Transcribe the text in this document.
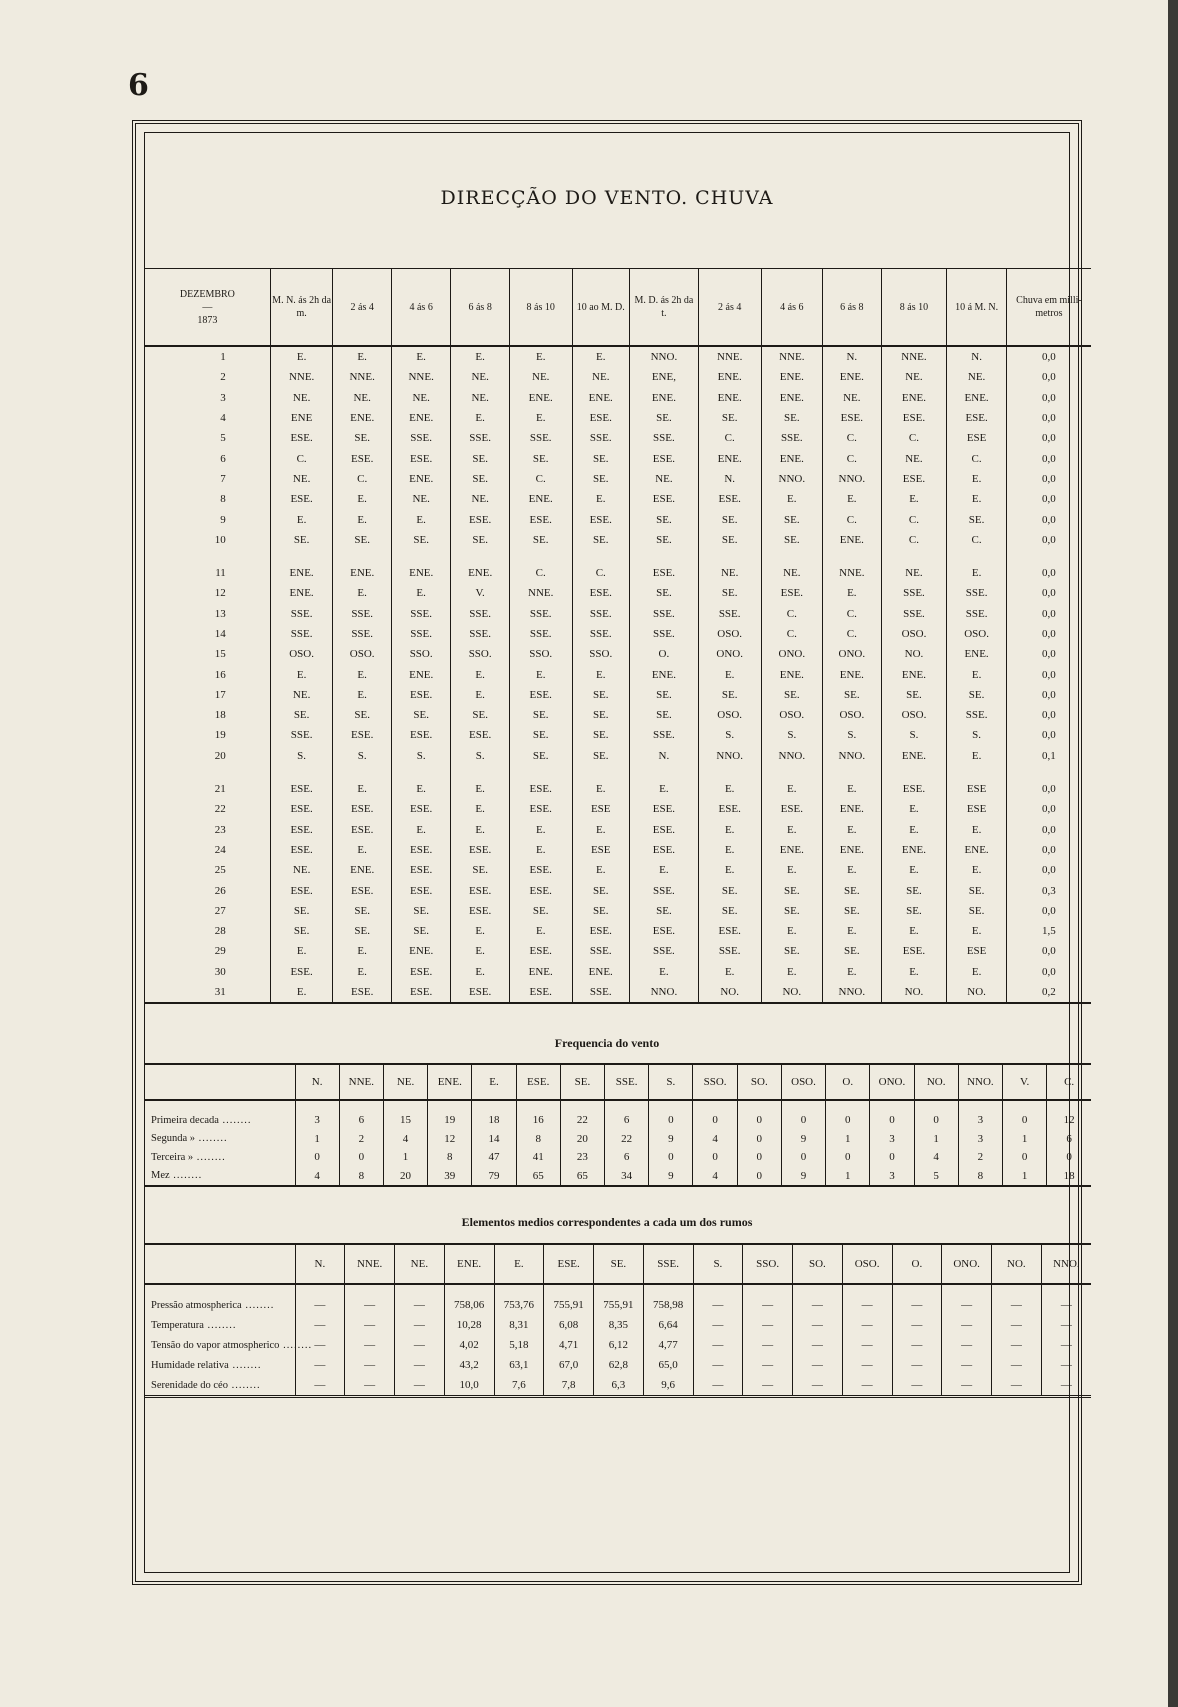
6
DIRECÇÃO DO VENTO. CHUVA
DEZEMBRO
—
1873	M. N. ás 2h da m.	2 ás 4	4 ás 6	6 ás 8	8 ás 10	10 ao M. D.	M. D. ás 2h da t.	2 ás 4	4 ás 6	6 ás 8	8 ás 10	10 á M. N.	Chuva em milli-metros
1	E.	E.	E.	E.	E.	E.	NNO.	NNE.	NNE.	N.	NNE.	N.	0,0
2	NNE.	NNE.	NNE.	NE.	NE.	NE.	ENE,	ENE.	ENE.	ENE.	NE.	NE.	0,0
3	NE.	NE.	NE.	NE.	ENE.	ENE.	ENE.	ENE.	ENE.	NE.	ENE.	ENE.	0,0
4	ENE	ENE.	ENE.	E.	E.	ESE.	SE.	SE.	SE.	ESE.	ESE.	ESE.	0,0
5	ESE.	SE.	SSE.	SSE.	SSE.	SSE.	SSE.	C.	SSE.	C.	C.	ESE	0,0
6	C.	ESE.	ESE.	SE.	SE.	SE.	ESE.	ENE.	ENE.	C.	NE.	C.	0,0
7	NE.	C.	ENE.	SE.	C.	SE.	NE.	N.	NNO.	NNO.	ESE.	E.	0,0
8	ESE.	E.	NE.	NE.	ENE.	E.	ESE.	ESE.	E.	E.	E.	E.	0,0
9	E.	E.	E.	ESE.	ESE.	ESE.	SE.	SE.	SE.	C.	C.	SE.	0,0
10	SE.	SE.	SE.	SE.	SE.	SE.	SE.	SE.	SE.	ENE.	C.	C.	0,0
11	ENE.	ENE.	ENE.	ENE.	C.	C.	ESE.	NE.	NE.	NNE.	NE.	E.	0,0
12	ENE.	E.	E.	V.	NNE.	ESE.	SE.	SE.	ESE.	E.	SSE.	SSE.	0,0
13	SSE.	SSE.	SSE.	SSE.	SSE.	SSE.	SSE.	SSE.	C.	C.	SSE.	SSE.	0,0
14	SSE.	SSE.	SSE.	SSE.	SSE.	SSE.	SSE.	OSO.	C.	C.	OSO.	OSO.	0,0
15	OSO.	OSO.	SSO.	SSO.	SSO.	SSO.	O.	ONO.	ONO.	ONO.	NO.	ENE.	0,0
16	E.	E.	ENE.	E.	E.	E.	ENE.	E.	ENE.	ENE.	ENE.	E.	0,0
17	NE.	E.	ESE.	E.	ESE.	SE.	SE.	SE.	SE.	SE.	SE.	SE.	0,0
18	SE.	SE.	SE.	SE.	SE.	SE.	SE.	OSO.	OSO.	OSO.	OSO.	SSE.	0,0
19	SSE.	ESE.	ESE.	ESE.	SE.	SE.	SSE.	S.	S.	S.	S.	S.	0,0
20	S.	S.	S.	S.	SE.	SE.	N.	NNO.	NNO.	NNO.	ENE.	E.	0,1
21	ESE.	E.	E.	E.	ESE.	E.	E.	E.	E.	E.	ESE.	ESE	0,0
22	ESE.	ESE.	ESE.	E.	ESE.	ESE	ESE.	ESE.	ESE.	ENE.	E.	ESE	0,0
23	ESE.	ESE.	E.	E.	E.	E.	ESE.	E.	E.	E.	E.	E.	0,0
24	ESE.	E.	ESE.	ESE.	E.	ESE	ESE.	E.	ENE.	ENE.	ENE.	ENE.	0,0
25	NE.	ENE.	ESE.	SE.	ESE.	E.	E.	E.	E.	E.	E.	E.	0,0
26	ESE.	ESE.	ESE.	ESE.	ESE.	SE.	SSE.	SE.	SE.	SE.	SE.	SE.	0,3
27	SE.	SE.	SE.	ESE.	SE.	SE.	SE.	SE.	SE.	SE.	SE.	SE.	0,0
28	SE.	SE.	SE.	E.	E.	ESE.	ESE.	ESE.	E.	E.	E.	E.	1,5
29	E.	E.	ENE.	E.	ESE.	SSE.	SSE.	SSE.	SE.	SE.	ESE.	ESE	0,0
30	ESE.	E.	ESE.	E.	ENE.	ENE.	E.	E.	E.	E.	E.	E.	0,0
31	E.	ESE.	ESE.	ESE.	ESE.	SSE.	NNO.	NO.	NO.	NNO.	NO.	NO.	0,2
Frequencia do vento
	N.	NNE.	NE.	ENE.	E.	ESE.	SE.	SSE.	S.	SSO.	SO.	OSO.	O.	ONO.	NO.	NNO.	V.	C.
Primeira decada .....	3	6	15	19	18	16	22	6	0	0	0	0	0	0	0	3	0	12
Segunda » .....	1	2	4	12	14	8	20	22	9	4	0	9	1	3	1	3	1	6
Terceira » .....	0	0	1	8	47	41	23	6	0	0	0	0	0	0	4	2	0	0
Mez .....	4	8	20	39	79	65	65	34	9	4	0	9	1	3	5	8	1	18
Elementos medios correspondentes a cada um dos rumos
	N.	NNE.	NE.	ENE.	E.	ESE.	SE.	SSE.	S.	SSO.	SO.	OSO.	O.	ONO.	NO.	NNO.
Pressão atmospherica .....	—	—	—	758,06	753,76	755,91	755,91	758,98	—	—	—	—	—	—	—	—
Temperatura .....	—	—	—	10,28	8,31	6,08	8,35	6,64	—	—	—	—	—	—	—	—
Tensão do vapor atmospherico .....	—	—	—	4,02	5,18	4,71	6,12	4,77	—	—	—	—	—	—	—	—
Humidade relativa .....	—	—	—	43,2	63,1	67,0	62,8	65,0	—	—	—	—	—	—	—	—
Serenidade do céo .....	—	—	—	10,0	7,6	7,8	6,3	9,6	—	—	—	—	—	—	—	—
